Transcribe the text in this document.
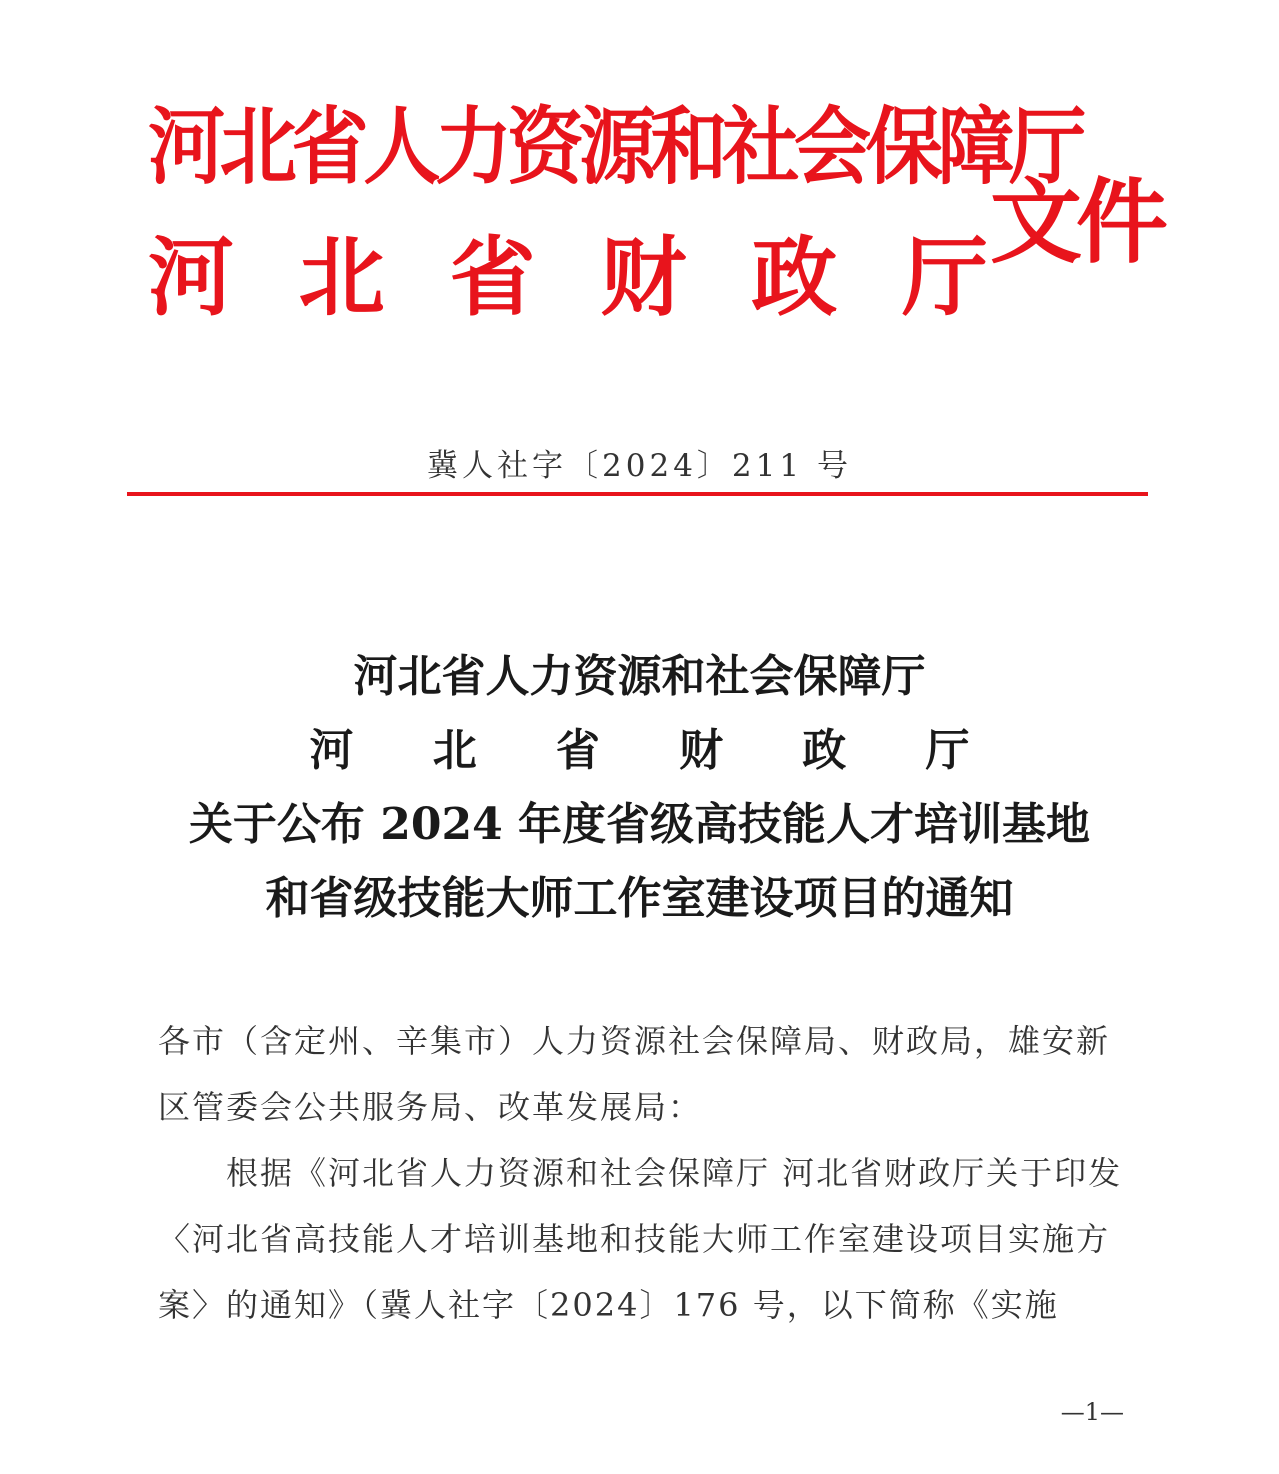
河北省人力资源和社会保障厅
河 北 省 财 政 厅
文件
冀人社字〔2024〕211 号
河北省人力资源和社会保障厅
河 北 省 财 政 厅
关于公布 2024 年度省级高技能人才培训基地
和省级技能大师工作室建设项目的通知

各市（含定州、辛集市）人力资源社会保障局、财政局，雄安新区管委会公共服务局、改革发展局：

根据《河北省人力资源和社会保障厅 河北省财政厅关于印发〈河北省高技能人才培训基地和技能大师工作室建设项目实施方案〉的通知》（冀人社字〔2024〕176 号，以下简称《实施

—1—
